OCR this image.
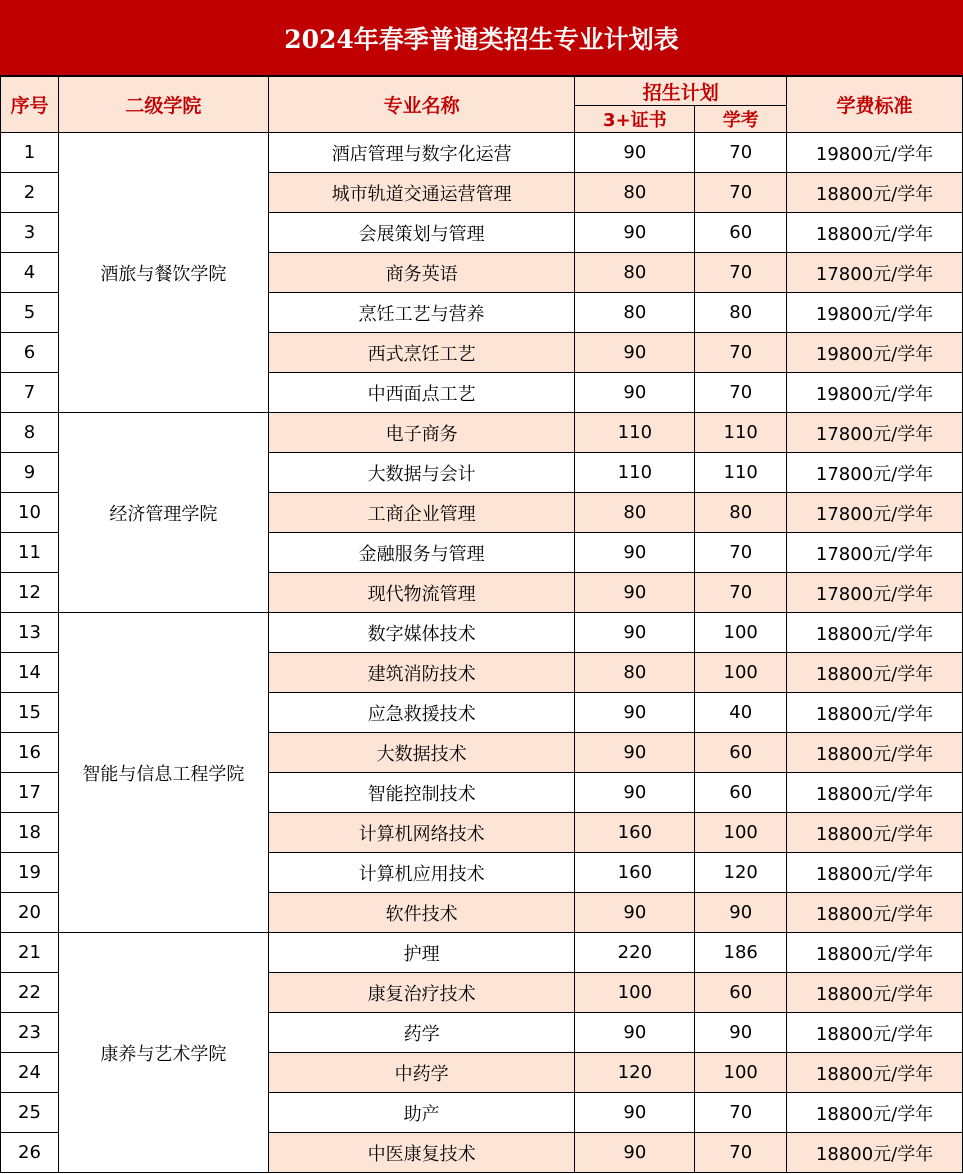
2024年春季普通类招生专业计划表
序号	二级学院	专业名称	招生计划		学费标准
			3+证书	学考	
1	酒旅与餐饮学院	酒店管理与数字化运营	90	70	19800元/学年
2		城市轨道交通运营管理	80	70	18800元/学年
3		会展策划与管理	90	60	18800元/学年
4		商务英语	80	70	17800元/学年
5		烹饪工艺与营养	80	80	19800元/学年
6		西式烹饪工艺	90	70	19800元/学年
7		中西面点工艺	90	70	19800元/学年
8	经济管理学院	电子商务	110	110	17800元/学年
9		大数据与会计	110	110	17800元/学年
10		工商企业管理	80	80	17800元/学年
11		金融服务与管理	90	70	17800元/学年
12		现代物流管理	90	70	17800元/学年
13	智能与信息工程学院	数字媒体技术	90	100	18800元/学年
14		建筑消防技术	80	100	18800元/学年
15		应急救援技术	90	40	18800元/学年
16		大数据技术	90	60	18800元/学年
17		智能控制技术	90	60	18800元/学年
18		计算机网络技术	160	100	18800元/学年
19		计算机应用技术	160	120	18800元/学年
20		软件技术	90	90	18800元/学年
21	康养与艺术学院	护理	220	186	18800元/学年
22		康复治疗技术	100	60	18800元/学年
23		药学	90	90	18800元/学年
24		中药学	120	100	18800元/学年
25		助产	90	70	18800元/学年
26		中医康复技术	90	70	18800元/学年
